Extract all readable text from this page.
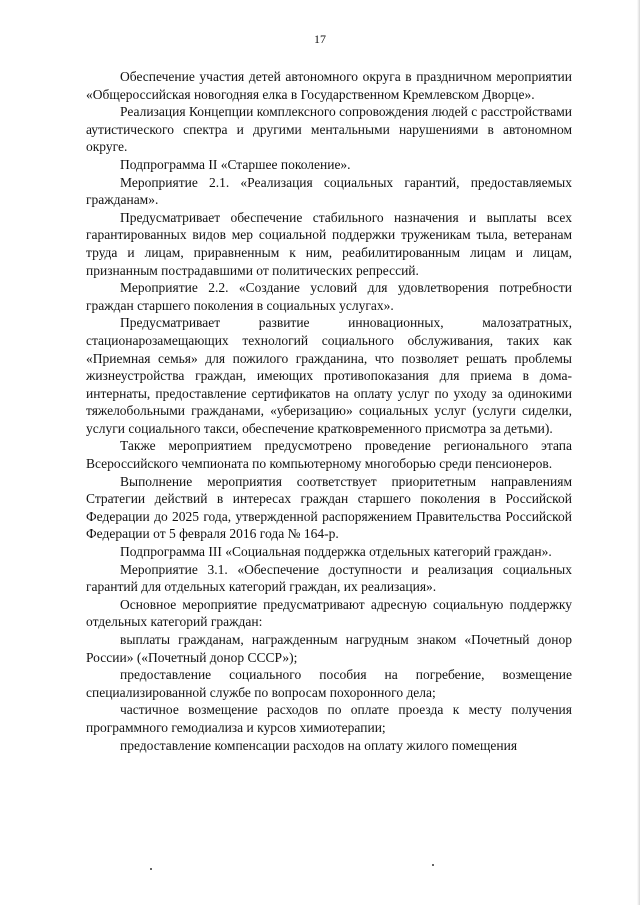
17

Обеспечение участия детей автономного округа в праздничном мероприятии «Общероссийская новогодняя елка в Государственном Кремлевском Дворце».

Реализация Концепции комплексного сопровождения людей с расстройствами аутистического спектра и другими ментальными нарушениями в автономном округе.

Подпрограмма II «Старшее поколение».

Мероприятие 2.1. «Реализация социальных гарантий, предоставляемых гражданам».

Предусматривает обеспечение стабильного назначения и выплаты всех гарантированных видов мер социальной поддержки труженикам тыла, ветеранам труда и лицам, приравненным к ним, реабилитированным лицам и лицам, признанным пострадавшими от политических репрессий.

Мероприятие 2.2. «Создание условий для удовлетворения потребности граждан старшего поколения в социальных услугах».

Предусматривает развитие инновационных, малозатратных, стационарозамещающих технологий социального обслуживания, таких как «Приемная семья» для пожилого гражданина, что позволяет решать проблемы жизнеустройства граждан, имеющих противопоказания для приема в дома-интернаты, предоставление сертификатов на оплату услуг по уходу за одинокими тяжелобольными гражданами, «уберизацию» социальных услуг (услуги сиделки, услуги социального такси, обеспечение кратковременного присмотра за детьми).

Также мероприятием предусмотрено проведение регионального этапа Всероссийского чемпионата по компьютерному многоборью среди пенсионеров.

Выполнение мероприятия соответствует приоритетным направлениям Стратегии действий в интересах граждан старшего поколения в Российской Федерации до 2025 года, утвержденной распоряжением Правительства Российской Федерации от 5 февраля 2016 года № 164-р.

Подпрограмма III «Социальная поддержка отдельных категорий граждан».

Мероприятие 3.1. «Обеспечение доступности и реализация социальных гарантий для отдельных категорий граждан, их реализация».

Основное мероприятие предусматривают адресную социальную поддержку отдельных категорий граждан:

выплаты гражданам, награжденным нагрудным знаком «Почетный донор России» («Почетный донор СССР»);

предоставление социального пособия на погребение, возмещение специализированной службе по вопросам похоронного дела;

частичное возмещение расходов по оплате проезда к месту получения программного гемодиализа и курсов химиотерапии;

предоставление компенсации расходов на оплату жилого помещения
